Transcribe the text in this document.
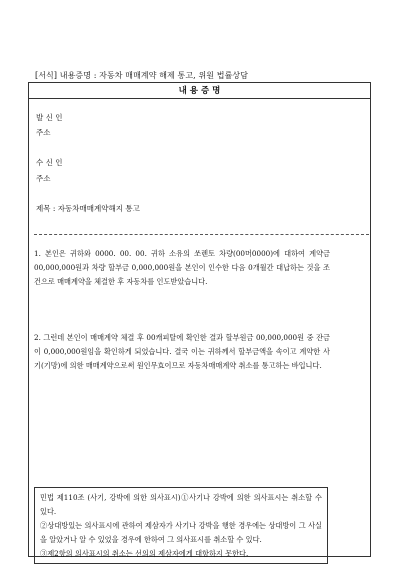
[서식] 내용증명 : 자동차 매매계약 해제 통고, 위원 법률상담
내 용 증 명
발 신 인
주소
수 신 인
주소
제목 : 자동차매매계약해지 통고
1. 본인은 귀하와 0000. 00. 00. 귀하 소유의 쏘렌토 차량(00머0000)에 대하여 계약금 00,000,000원과 차량 할부금 0,000,000원을 본인이 인수한 다음 0개월간 대납하는 것을 조건으로 매매계약을 체결한 후 자동차를 인도받았습니다.
2. 그런데 본인이 매매계약 체결 후 00캐피탈에 확인한 결과 할부원금 00,000,000원 중 잔금이 0,000,000원임을 확인하게 되었습니다. 결국 이는 귀하께서 할부금액을 속이고 계약한 사기(기망)에 의한 매매계약으로써 원인무효이므로 자동차매매계약 취소를 통고하는 바입니다.
민법 제110조 (사기, 강박에 의한 의사표시)①사기나 강박에 의한 의사표시는 취소할 수 있다.
②상대방있는 의사표시에 관하여 제삼자가 사기나 강박을 행한 경우에는 상대방이 그 사실을 알았거나 알 수 있었을 경우에 한하여 그 의사표시를 취소할 수 있다.
③제2항의 의사표시의 취소는 선의의 제삼자에게 대항하지 못한다.
